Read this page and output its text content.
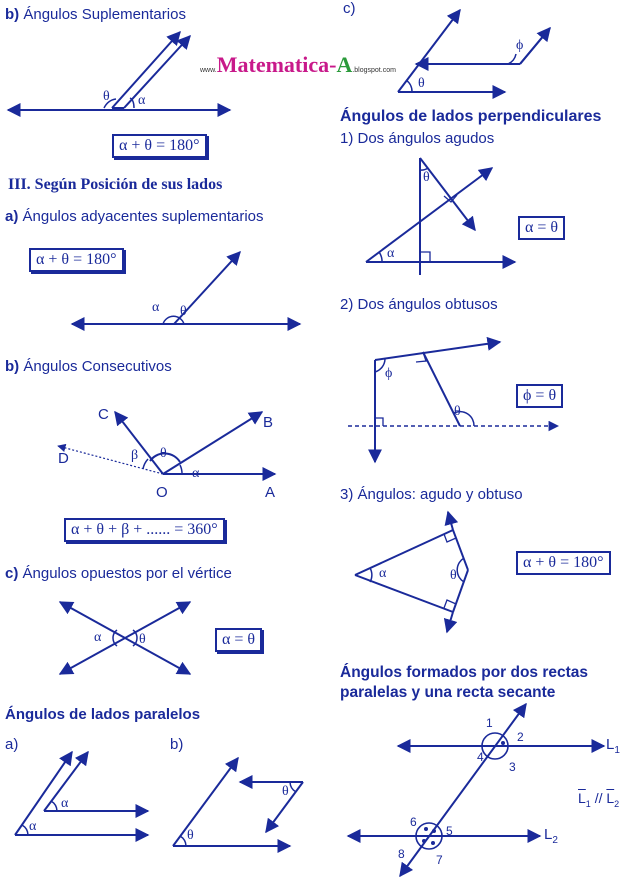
www.Matematica-A.blogspot.com
b) Ángulos Suplementarios
θ α
α + θ = 180°
III. Según Posición de sus lados
a) Ángulos adyacentes suplementarios
α + θ = 180°
α θ
b) Ángulos Consecutivos
C	B
D
O	A
β θ
α
α + θ + β + ...... = 360°
c) Ángulos opuestos por el vértice
α	θ	α = θ
Ángulos de lados paralelos
a)	b)
α
α
θ
θ
c)
ϕ
θ
Ángulos de lados perpendiculares
1) Dos ángulos agudos
θ
α
α = θ
2) Dos ángulos obtusos
ϕ
θ
ϕ = θ
3) Ángulos: agudo y obtuso
α	θ
α + θ = 180°
Ángulos formados por dos rectas
paralelas y una recta secante
1
2
3
4
5
6
7
8
$L_1$
$L_2$
$\overline{L}_1 // \overline{L}_2$
